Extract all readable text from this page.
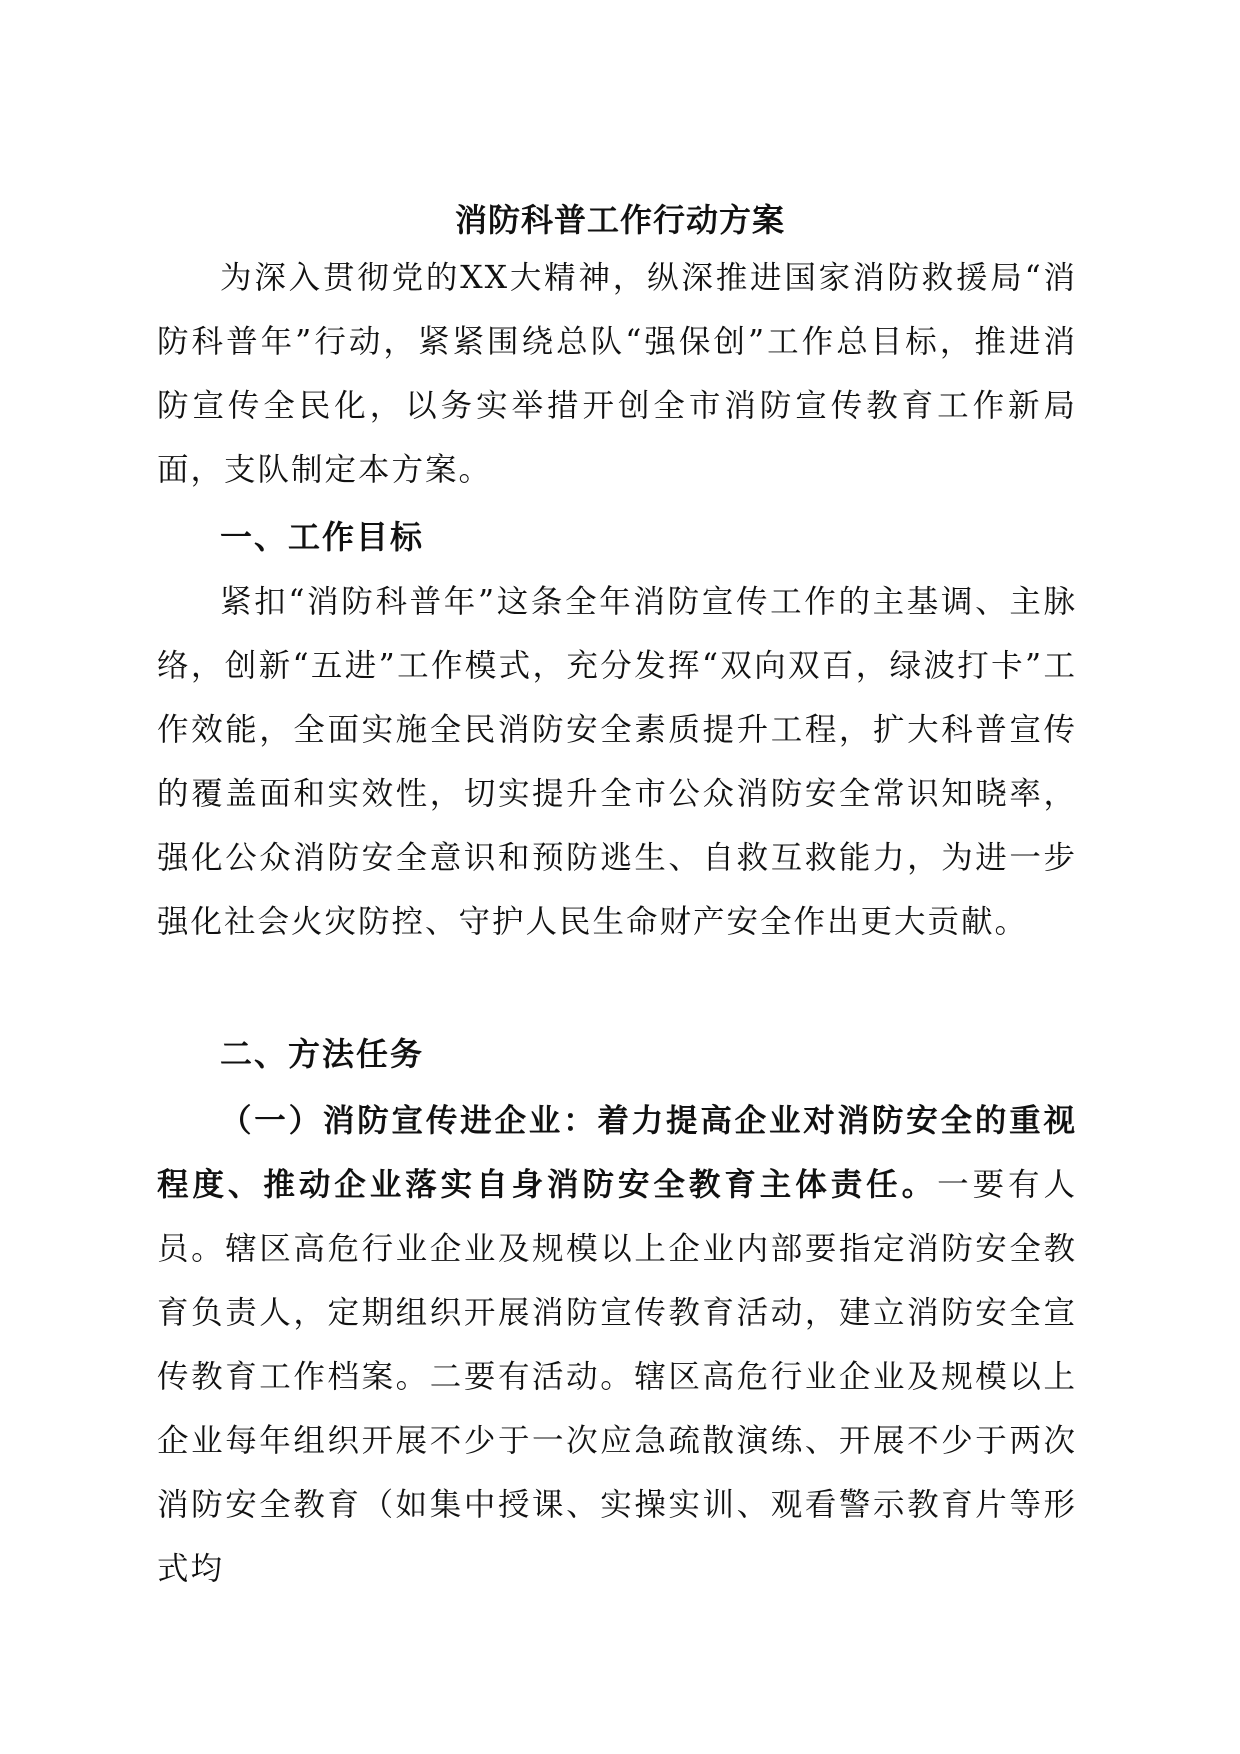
消防科普工作行动方案
为深入贯彻党的XX大精神，纵深推进国家消防救援局“消防科普年”行动，紧紧围绕总队“强保创”工作总目标，推进消防宣传全民化，以务实举措开创全市消防宣传教育工作新局面，支队制定本方案。
一、工作目标
紧扣“消防科普年”这条全年消防宣传工作的主基调、主脉络，创新“五进”工作模式，充分发挥“双向双百，绿波打卡”工作效能，全面实施全民消防安全素质提升工程，扩大科普宣传的覆盖面和实效性，切实提升全市公众消防安全常识知晓率，强化公众消防安全意识和预防逃生、自救互救能力，为进一步强化社会火灾防控、守护人民生命财产安全作出更大贡献。
二、方法任务
（一）消防宣传进企业：着力提高企业对消防安全的重视程度、推动企业落实自身消防安全教育主体责任。一要有人员。辖区高危行业企业及规模以上企业内部要指定消防安全教育负责人，定期组织开展消防宣传教育活动，建立消防安全宣传教育工作档案。二要有活动。辖区高危行业企业及规模以上企业每年组织开展不少于一次应急疏散演练、开展不少于两次消防安全教育（如集中授课、实操实训、观看警示教育片等形式均
